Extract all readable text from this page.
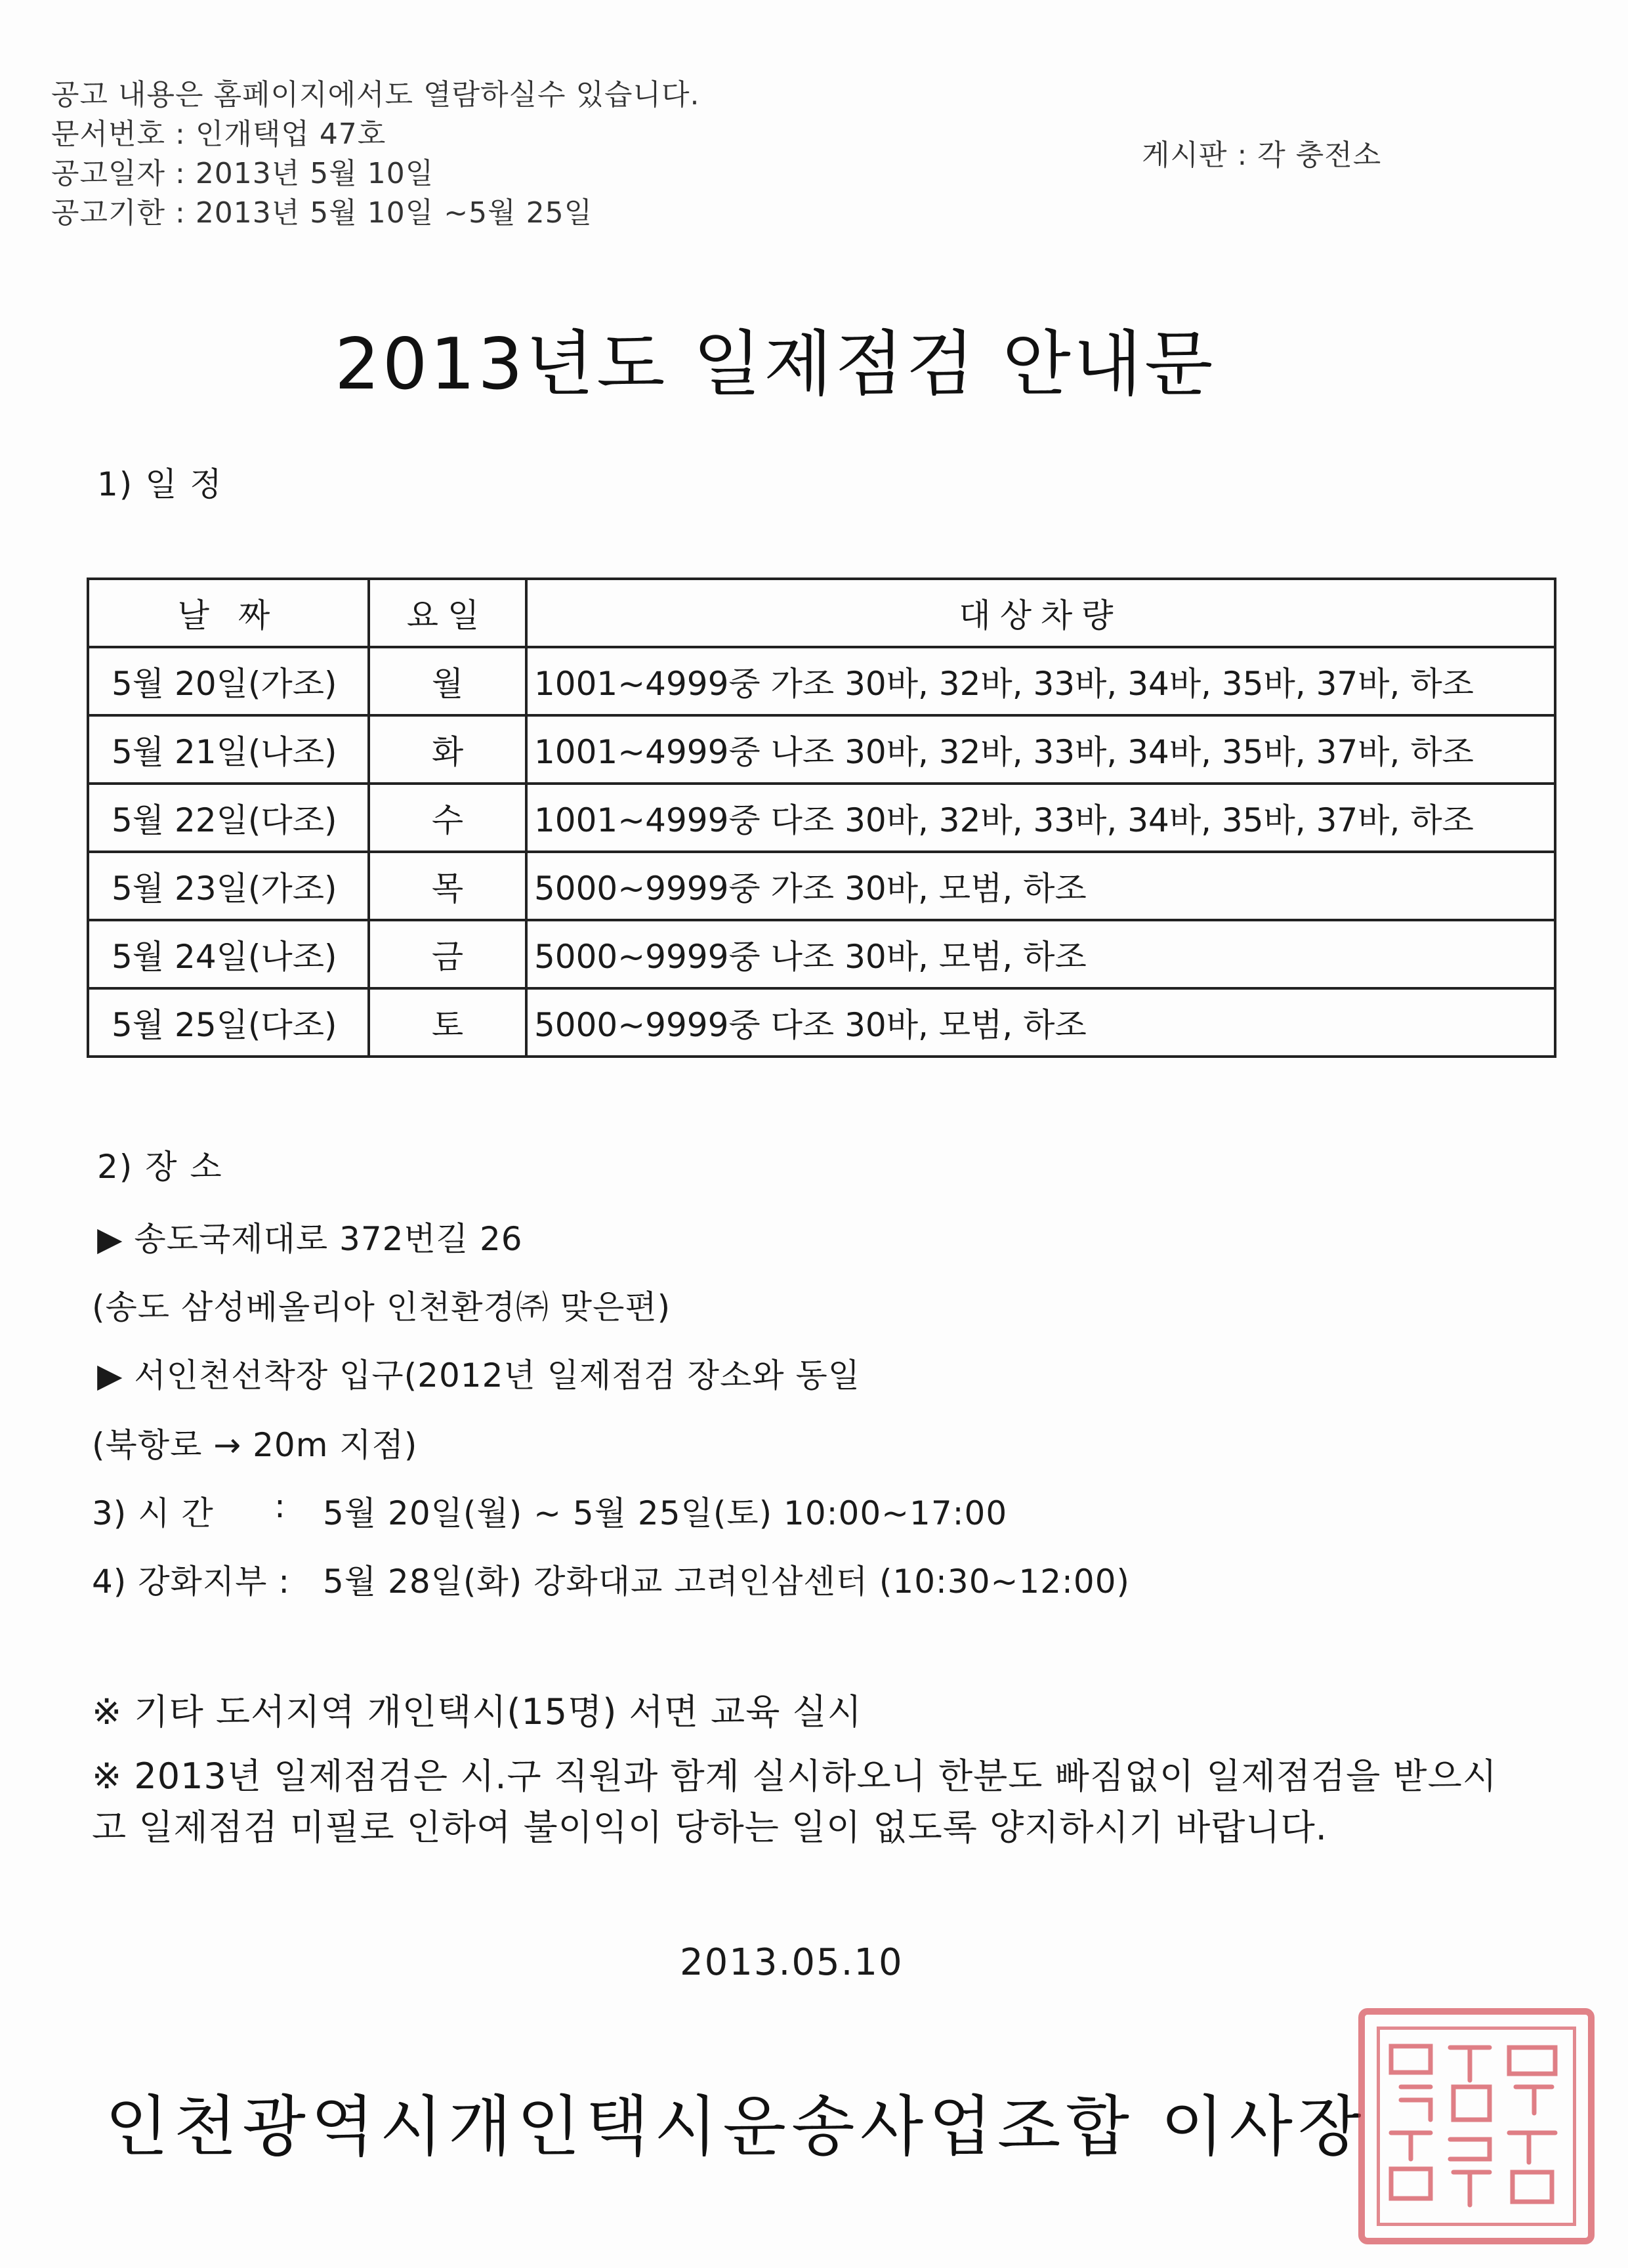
공고 내용은 홈페이지에서도 열람하실수 있습니다.
문서번호 : 인개택업 47호
공고일자 : 2013년 5월 10일
공고기한 : 2013년 5월 10일 ~5월 25일
게시판 : 각 충전소
2013년도 일제점검 안내문
1) 일 정
날 짜	요일	대상차량
5월 20일(가조)	월	1001~4999중 가조 30바, 32바, 33바, 34바, 35바, 37바, 하조
5월 21일(나조)	화	1001~4999중 나조 30바, 32바, 33바, 34바, 35바, 37바, 하조
5월 22일(다조)	수	1001~4999중 다조 30바, 32바, 33바, 34바, 35바, 37바, 하조
5월 23일(가조)	목	5000~9999중 가조 30바, 모범, 하조
5월 24일(나조)	금	5000~9999중 나조 30바, 모범, 하조
5월 25일(다조)	토	5000~9999중 다조 30바, 모범, 하조
2) 장 소
▶ 송도국제대로 372번길 26
(송도 삼성베올리아 인천환경㈜ 맞은편)
▶ 서인천선착장 입구(2012년 일제점검 장소와 동일
(북항로 → 20m 지점)
3) 시 간 : 5월 20일(월) ~ 5월 25일(토) 10:00~17:00
4) 강화지부 : 5월 28일(화) 강화대교 고려인삼센터 (10:30~12:00)
※ 기타 도서지역 개인택시(15명) 서면 교육 실시
※ 2013년 일제점검은 시.구 직원과 함계 실시하오니 한분도 빠짐없이 일제점검을 받으시고 일제점검 미필로 인하여 불이익이 당하는 일이 없도록 양지하시기 바랍니다.
2013.05.10
인천광역시개인택시운송사업조합 이사장
